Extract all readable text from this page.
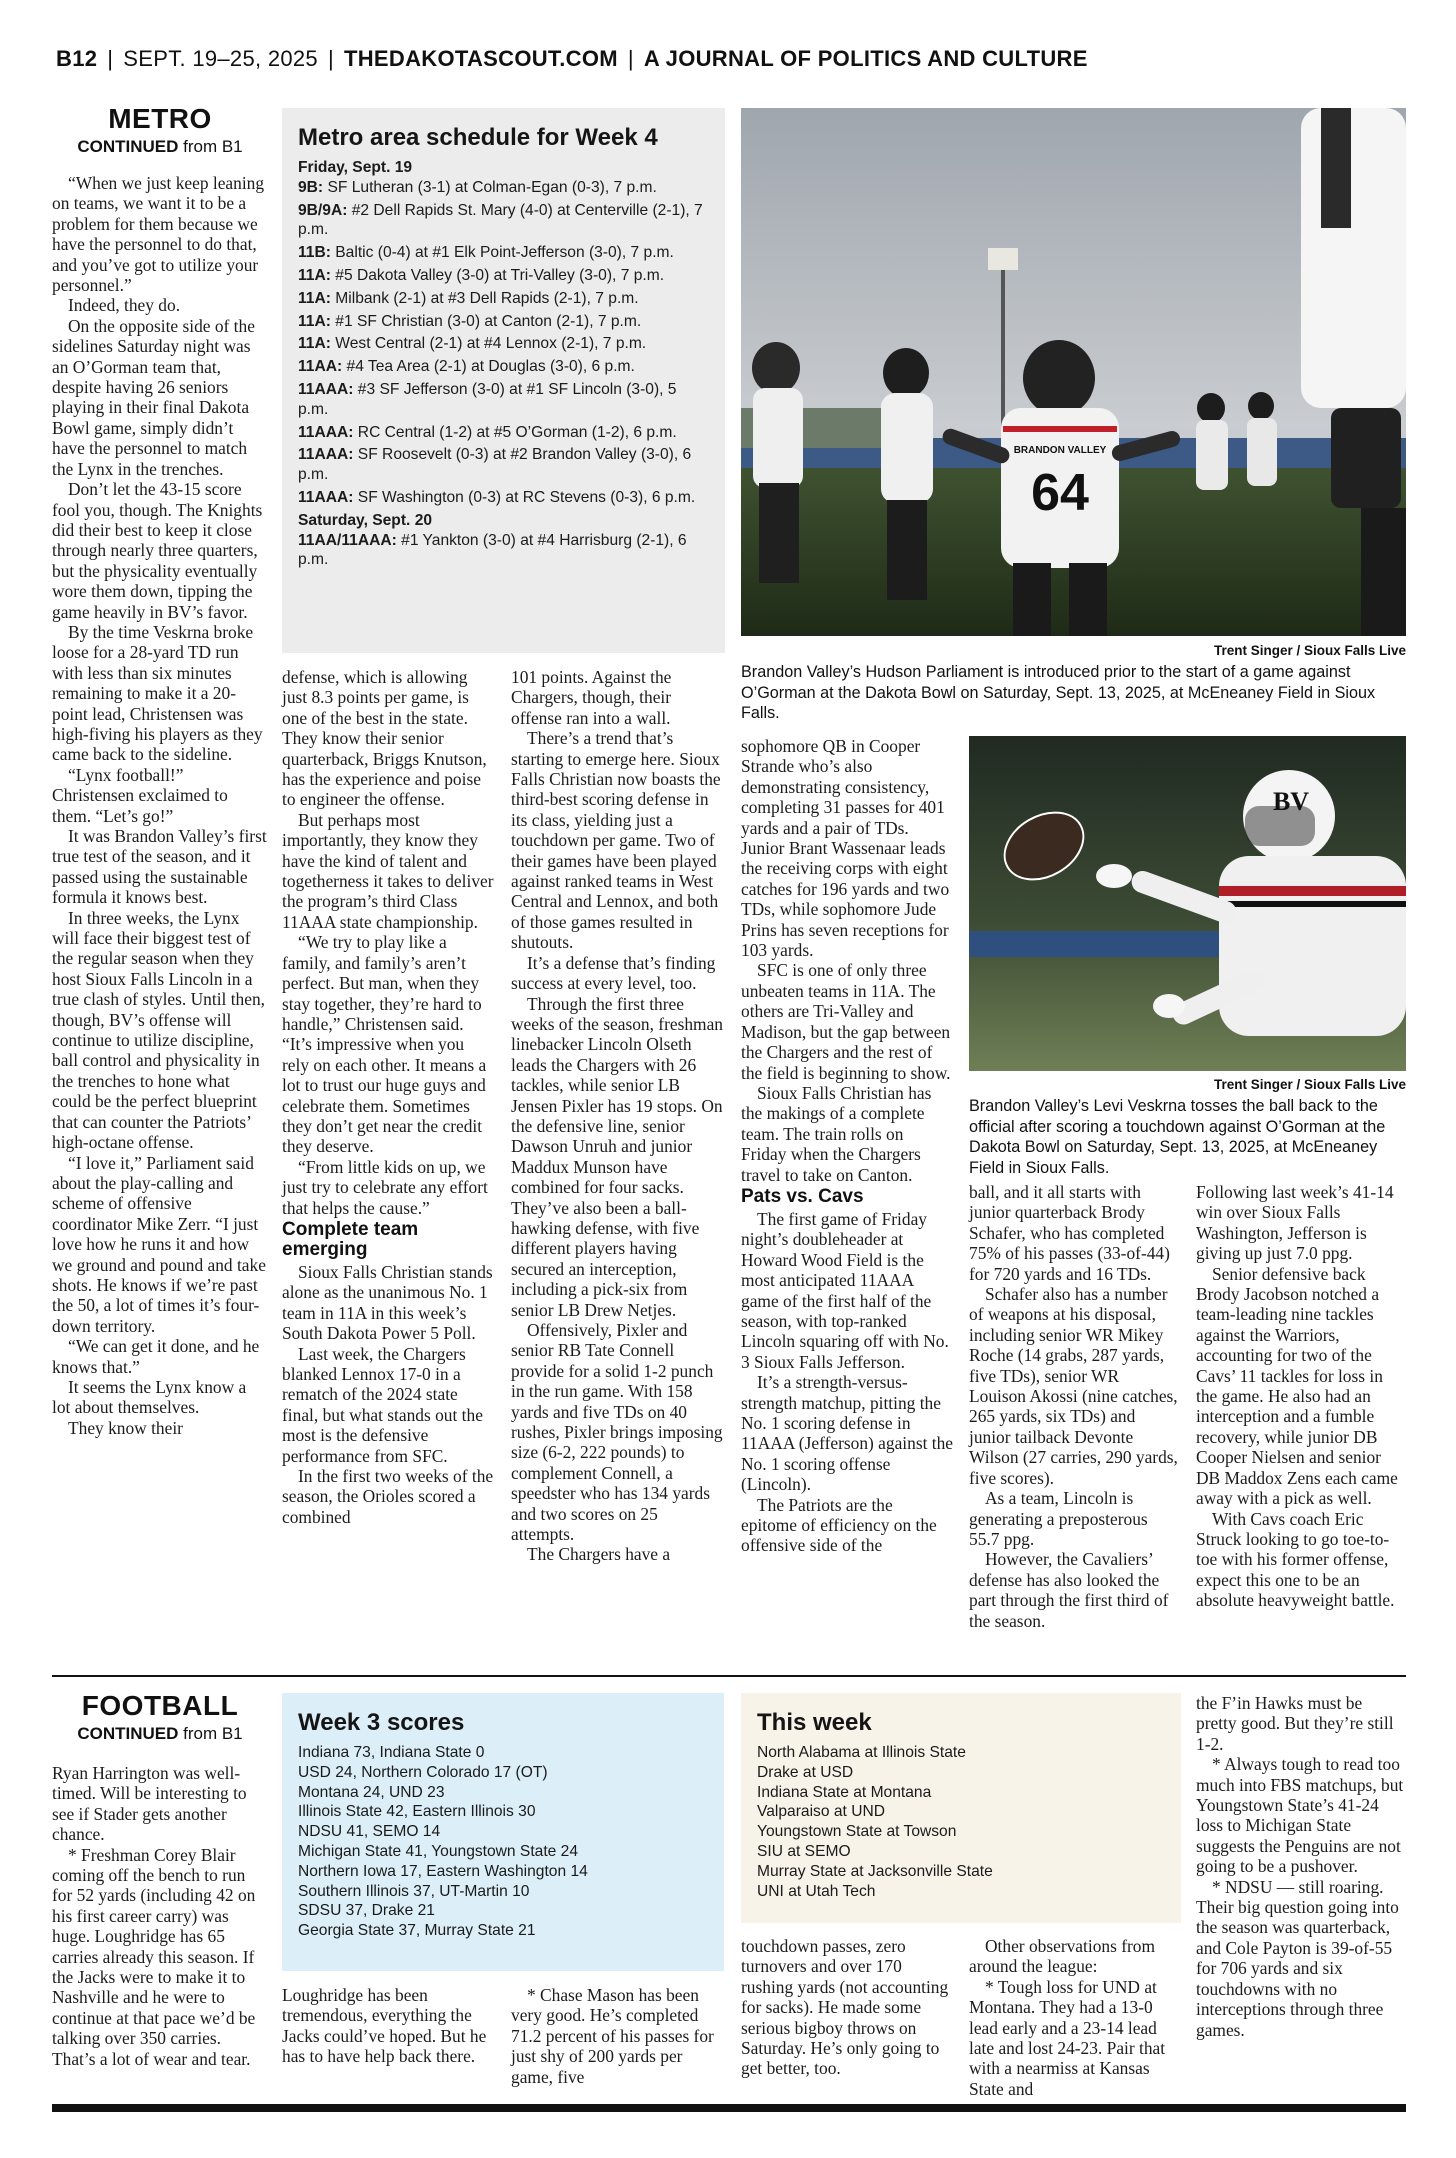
B12 | SEPT. 19–25, 2025 | THEDAKOTASCOUT.COM | A JOURNAL OF POLITICS AND CULTURE
METRO
CONTINUED from B1

“When we just keep leaning on teams, we want it to be a problem for them because we have the personnel to do that, and you’ve got to utilize your personnel.”

Indeed, they do.

On the opposite side of the sidelines Saturday night was an O’Gorman team that, despite having 26 seniors playing in their final Dakota Bowl game, simply didn’t have the personnel to match the Lynx in the trenches.

Don’t let the 43-15 score fool you, though. The Knights did their best to keep it close through nearly three quarters, but the physicality eventually wore them down, tipping the game heavily in BV’s favor.

By the time Veskrna broke loose for a 28-yard TD run with less than six minutes remaining to make it a 20-point lead, Christensen was high-fiving his players as they came back to the sideline.

“Lynx football!” Christensen exclaimed to them. “Let’s go!”

It was Brandon Valley’s first true test of the season, and it passed using the sustainable formula it knows best.

In three weeks, the Lynx will face their biggest test of the regular season when they host Sioux Falls Lincoln in a true clash of styles. Until then, though, BV’s offense will continue to utilize discipline, ball control and physicality in the trenches to hone what could be the perfect blueprint that can counter the Patriots’ high-octane offense.

“I love it,” Parliament said about the play-calling and scheme of offensive coordinator Mike Zerr. “I just love how he runs it and how we ground and pound and take shots. He knows if we’re past the 50, a lot of times it’s four-down territory.

“We can get it done, and he knows that.”

It seems the Lynx know a lot about themselves.

They know their

Metro area schedule for Week 4
Friday, Sept. 19
9B: SF Lutheran (3-1) at Colman-Egan (0-3), 7 p.m.
9B/9A: #2 Dell Rapids St. Mary (4-0) at Centerville (2-1), 7 p.m.
11B: Baltic (0-4) at #1 Elk Point-Jefferson (3-0), 7 p.m.
11A: #5 Dakota Valley (3-0) at Tri-Valley (3-0), 7 p.m.
11A: Milbank (2-1) at #3 Dell Rapids (2-1), 7 p.m.
11A: #1 SF Christian (3-0) at Canton (2-1), 7 p.m.
11A: West Central (2-1) at #4 Lennox (2-1), 7 p.m.
11AA: #4 Tea Area (2-1) at Douglas (3-0), 6 p.m.
11AAA: #3 SF Jefferson (3-0) at #1 SF Lincoln (3-0), 5 p.m.
11AAA: RC Central (1-2) at #5 O’Gorman (1-2), 6 p.m.
11AAA: SF Roosevelt (0-3) at #2 Brandon Valley (3-0), 6 p.m.
11AAA: SF Washington (0-3) at RC Stevens (0-3), 6 p.m.
Saturday, Sept. 20
11AA/11AAA: #1 Yankton (3-0) at #4 Harrisburg (2-1), 6 p.m.

defense, which is allowing just 8.3 points per game, is one of the best in the state. They know their senior quarterback, Briggs Knutson, has the experience and poise to engineer the offense.

But perhaps most importantly, they know they have the kind of talent and togetherness it takes to deliver the program’s third Class 11AAA state championship.

“We try to play like a family, and family’s aren’t perfect. But man, when they stay together, they’re hard to handle,” Christensen said. “It’s impressive when you rely on each other. It means a lot to trust our huge guys and celebrate them. Sometimes they don’t get near the credit they deserve.

“From little kids on up, we just try to celebrate any effort that helps the cause.”

Complete team emerging

Sioux Falls Christian stands alone as the unanimous No. 1 team in 11A in this week’s South Dakota Power 5 Poll.

Last week, the Chargers blanked Lennox 17-0 in a rematch of the 2024 state final, but what stands out the most is the defensive performance from SFC.

In the first two weeks of the season, the Orioles scored a combined

101 points. Against the Chargers, though, their offense ran into a wall.

There’s a trend that’s starting to emerge here. Sioux Falls Christian now boasts the third-best scoring defense in its class, yielding just a touchdown per game. Two of their games have been played against ranked teams in West Central and Lennox, and both of those games resulted in shutouts.

It’s a defense that’s finding success at every level, too.

Through the first three weeks of the season, freshman linebacker Lincoln Olseth leads the Chargers with 26 tackles, while senior LB Jensen Pixler has 19 stops. On the defensive line, senior Dawson Unruh and junior Maddux Munson have combined for four sacks. They’ve also been a ball-hawking defense, with five different players having secured an interception, including a pick-six from senior LB Drew Netjes.

Offensively, Pixler and senior RB Tate Connell provide for a solid 1-2 punch in the run game. With 158 yards and five TDs on 40 rushes, Pixler brings imposing size (6-2, 222 pounds) to complement Connell, a speedster who has 134 yards and two scores on 25 attempts.

The Chargers have a

64
BRANDON VALLEY
Trent Singer / Sioux Falls Live
Brandon Valley’s Hudson Parliament is introduced prior to the start of a game against O’Gorman at the Dakota Bowl on Saturday, Sept. 13, 2025, at McEneaney Field in Sioux Falls.
BV
Trent Singer / Sioux Falls Live
Brandon Valley’s Levi Veskrna tosses the ball back to the official after scoring a touchdown against O’Gorman at the Dakota Bowl on Saturday, Sept. 13, 2025, at McEneaney Field in Sioux Falls.

sophomore QB in Cooper Strande who’s also demonstrating consistency, completing 31 passes for 401 yards and a pair of TDs. Junior Brant Wassenaar leads the receiving corps with eight catches for 196 yards and two TDs, while sophomore Jude Prins has seven receptions for 103 yards.

SFC is one of only three unbeaten teams in 11A. The others are Tri-Valley and Madison, but the gap between the Chargers and the rest of the field is beginning to show.

Sioux Falls Christian has the makings of a complete team. The train rolls on Friday when the Chargers travel to take on Canton.

Pats vs. Cavs

The first game of Friday night’s doubleheader at Howard Wood Field is the most anticipated 11AAA game of the first half of the season, with top-ranked Lincoln squaring off with No. 3 Sioux Falls Jefferson.

It’s a strength-versus-strength matchup, pitting the No. 1 scoring defense in 11AAA (Jefferson) against the No. 1 scoring offense (Lincoln).

The Patriots are the epitome of efficiency on the offensive side of the

ball, and it all starts with junior quarterback Brody Schafer, who has completed 75% of his passes (33-of-44) for 720 yards and 16 TDs.

Schafer also has a number of weapons at his disposal, including senior WR Mikey Roche (14 grabs, 287 yards, five TDs), senior WR Louison Akossi (nine catches, 265 yards, six TDs) and junior tailback Devonte Wilson (27 carries, 290 yards, five scores).

As a team, Lincoln is generating a preposterous 55.7 ppg.

However, the Cavaliers’ defense has also looked the part through the first third of the season.

Following last week’s 41-14 win over Sioux Falls Washington, Jefferson is giving up just 7.0 ppg.

Senior defensive back Brody Jacobson notched a team-leading nine tackles against the Warriors, accounting for two of the Cavs’ 11 tackles for loss in the game. He also had an interception and a fumble recovery, while junior DB Cooper Nielsen and senior DB Maddox Zens each came away with a pick as well.

With Cavs coach Eric Struck looking to go toe-to-toe with his former offense, expect this one to be an absolute heavyweight battle.

FOOTBALL
CONTINUED from B1

Ryan Harrington was well-timed. Will be interesting to see if Stader gets another chance.

* Freshman Corey Blair coming off the bench to run for 52 yards (including 42 on his first career carry) was huge. Loughridge has 65 carries already this season. If the Jacks were to make it to Nashville and he were to continue at that pace we’d be talking over 350 carries. That’s a lot of wear and tear.

Week 3 scores
Indiana 73, Indiana State 0
USD 24, Northern Colorado 17 (OT)
Montana 24, UND 23
Illinois State 42, Eastern Illinois 30
NDSU 41, SEMO 14
Michigan State 41, Youngstown State 24
Northern Iowa 17, Eastern Washington 14
Southern Illinois 37, UT-Martin 10
SDSU 37, Drake 21
Georgia State 37, Murray State 21
This week
North Alabama at Illinois State
Drake at USD
Indiana State at Montana
Valparaiso at UND
Youngstown State at Towson
SIU at SEMO
Murray State at Jacksonville State
UNI at Utah Tech

Loughridge has been tremendous, everything the Jacks could’ve hoped. But he has to have help back there.

* Chase Mason has been very good. He’s completed 71.2 percent of his passes for just shy of 200 yards per game, five

touchdown passes, zero turnovers and over 170 rushing yards (not accounting for sacks). He made some serious bigboy throws on Saturday. He’s only going to get better, too.

Other observations from around the league:

* Tough loss for UND at Montana. They had a 13-0 lead early and a 23-14 lead late and lost 24-23. Pair that with a nearmiss at Kansas State and

the F’in Hawks must be pretty good. But they’re still 1-2.

* Always tough to read too much into FBS matchups, but Youngstown State’s 41-24 loss to Michigan State suggests the Penguins are not going to be a pushover.

* NDSU — still roaring. Their big question going into the season was quarterback, and Cole Payton is 39-of-55 for 706 yards and six touchdowns with no interceptions through three games.
